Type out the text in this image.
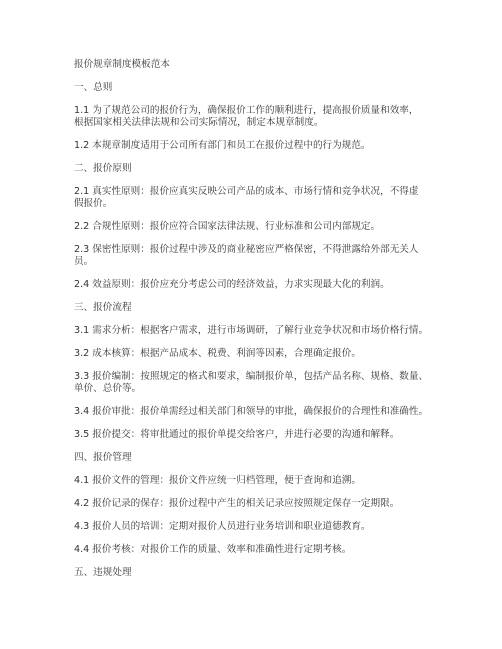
报价规章制度模板范本

一、总则

1.1 为了规范公司的报价行为，确保报价工作的顺利进行，提高报价质量和效率，

根据国家相关法律法规和公司实际情况，制定本规章制度。

1.2 本规章制度适用于公司所有部门和员工在报价过程中的行为规范。

二、报价原则

2.1 真实性原则：报价应真实反映公司产品的成本、市场行情和竞争状况，不得虚

假报价。

2.2 合规性原则：报价应符合国家法律法规、行业标准和公司内部规定。

2.3 保密性原则：报价过程中涉及的商业秘密应严格保密，不得泄露给外部无关人

员。

2.4 效益原则：报价应充分考虑公司的经济效益，力求实现最大化的利润。

三、报价流程

3.1 需求分析：根据客户需求，进行市场调研，了解行业竞争状况和市场价格行情。

3.2 成本核算：根据产品成本、税费、利润等因素，合理确定报价。

3.3 报价编制：按照规定的格式和要求，编制报价单，包括产品名称、规格、数量、

单价、总价等。

3.4 报价审批：报价单需经过相关部门和领导的审批，确保报价的合理性和准确性。

3.5 报价提交：将审批通过的报价单提交给客户，并进行必要的沟通和解释。

四、报价管理

4.1 报价文件的管理：报价文件应统一归档管理，便于查询和追溯。

4.2 报价记录的保存：报价过程中产生的相关记录应按照规定保存一定期限。

4.3 报价人员的培训：定期对报价人员进行业务培训和职业道德教育。

4.4 报价考核：对报价工作的质量、效率和准确性进行定期考核。

五、违规处理
